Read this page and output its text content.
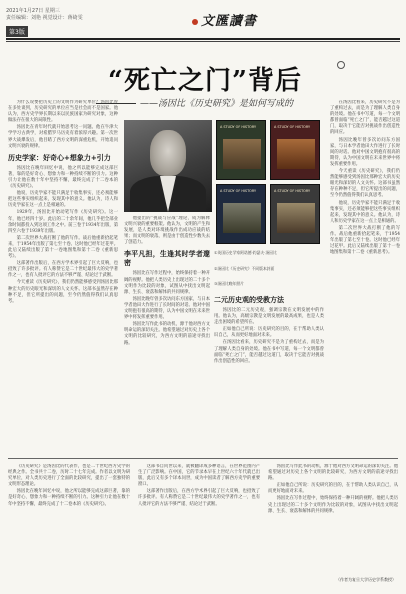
2021年1月27日 星期三
责任编辑：刘艳 视觉设计：蒋绮雯
第3版
文匯讀書
“死亡之门”背后
——汤因比《历史研究》是如何写成的

为什么说要把历史上的文明作为研究单位？汤因比曾在多处谈到，历史研究的单位应当是社会而不是国家。他认为，西方史学界长期以来以民族国家为研究对象，这种做法存在很大的局限性。

汤因比在青年时代就开始思考这一问题。他在牛津大学学习古典学，对希腊罗马历史有着浓厚兴趣。第一次世界大战爆发后，他目睹了西方文明的深重危机，开始追问文明兴衰的规律。

历史学家：好奇心+想象力+引力

汤因比在晚年回忆中说，他之所以能够完成这部巨著，靠的是好奇心、想象力和一种持续不断的引力。这种引力让他在数十年中坚持不懈，最终完成了十二卷本的《历史研究》。

他说，历史学家不能只满足于收集事实，还必须能够把这些事实组织起来，发现其中的意义。他认为，诗人和历史学家在这一点上是相通的。

1929年，汤因比开始动笔写作《历史研究》。这一年，他已经四十岁。此后的二十余年间，他几乎把全部业余时间都投入到这项工作之中。前三卷于1934年出版，第四至六卷于1939年出版。

第二次世界大战打断了他的写作。战后他重新拾起笔来，于1954年出版了第七至十卷。这时他已经年过花甲。此后又陆续出版了第十一卷地图集和第十二卷《重新思考》。

这部著作出版后，在西方学术界引起了巨大反响，也招致了许多批评。有人称赞它是二十世纪最伟大的史学著作之一，也有人批评它的方法不够严谨、结论过于武断。

今天重读《历史研究》，我们仍然能够感受到汤因比那种宏大的历史眼光和深切的人文关怀。这部书虽然存在种种不足，但它所提出的问题，至今仍然值得我们认真思考。

A STUDY OF HISTORY	A STUDY OF HISTORY
A STUDY OF HISTORY	A STUDY OF HISTORY
①英国历史学家阿诺德·约瑟夫·汤因比
②汤因比《历史研究》不同版本封面
③汤因比晚年照片

他提出的“挑战与应战”理论，成为解释文明兴衰的重要框架。他认为，文明的产生和发展，是人类对环境挑战作出成功应战的结果；而文明的衰落，则是由于创造性少数失去了创造力。

李平凡担，生逢其时学者邃密

汤因比在写作过程中，始终保持着一种开阔的视野。他把人类历史上出现过的二十多个文明作为比较的对象，试图从中找出文明起源、生长、衰落和解体的共同规律。

汤因比晚年曾多次访问东方国家，与日本学者池田大作进行了长时间的对话。他对中国文明抱有很高的期待，认为中国文明在未来世界中将发挥重要作用。

汤因比写作此书的动机，源于他对西方文明命运的深切关注。他希望通过对历史上各个文明的比较研究，为西方文明的前途寻找出路。

二元历史观的受教方法

汤因比的二元历史观，强调宗教在文明发展中的作用。他认为，高级宗教是文明发展的最高成果，也是人类走出困境的希望所在。

正如他自己所说：历史研究的目的，在于帮助人类认识自己，从而更好地面对未来。

在汤因比看来，历史研究不是为了重构过去，而是为了理解人类自身的处境。他在书中写道，每一个文明都曾面临“死亡之门”，能否越过这道门，取决于它能否对挑战作出创造性的回应。

在汤因比看来，历史研究不是为了重构过去，而是为了理解人类自身的处境。他在书中写道，每一个文明都曾面临“死亡之门”，能否越过这道门，取决于它能否对挑战作出创造性的回应。

汤因比晚年曾多次访问东方国家，与日本学者池田大作进行了长时间的对话。他对中国文明抱有很高的期待，认为中国文明在未来世界中将发挥重要作用。

今天重读《历史研究》，我们仍然能够感受到汤因比那种宏大的历史眼光和深切的人文关怀。这部书虽然存在种种不足，但它所提出的问题，至今仍然值得我们认真思考。

他说，历史学家不能只满足于收集事实，还必须能够把这些事实组织起来，发现其中的意义。他认为，诗人和历史学家在这一点上是相通的。

第二次世界大战打断了他的写作。战后他重新拾起笔来，于1954年出版了第七至十卷。这时他已经年过花甲。此后又陆续出版了第十一卷地图集和第十二卷《重新思考》。

《历史研究》是汤因比的代表作，也是二十世纪西方史学的经典之作。全书共十二卷，历时二十七年完成。作者以文明为研究单位，对人类历史进行了全面的比较研究，提出了一套独特的文明形态理论。

汤因比在晚年回忆中说，他之所以能够完成这部巨著，靠的是好奇心、想象力和一种持续不断的引力。这种引力让他在数十年中坚持不懈，最终完成了十二卷本的《历史研究》。

这部书自问世以来，就被翻译成多种语言，在世界范围内产生了广泛影响。在中国，它的节录本早在上世纪六十年代就已出版，此后又有多个译本问世，成为中国读者了解西方史学的重要窗口。

这部著作出版后，在西方学术界引起了巨大反响，也招致了许多批评。有人称赞它是二十世纪最伟大的史学著作之一，也有人批评它的方法不够严谨、结论过于武断。

汤因比写作此书的动机，源于他对西方文明命运的深切关注。他希望通过对历史上各个文明的比较研究，为西方文明的前途寻找出路。

正如他自己所说：历史研究的目的，在于帮助人类认识自己，从而更好地面对未来。

汤因比在写作过程中，始终保持着一种开阔的视野。他把人类历史上出现过的二十多个文明作为比较的对象，试图从中找出文明起源、生长、衰落和解体的共同规律。

（作者为复旦大学历史学系教授）
